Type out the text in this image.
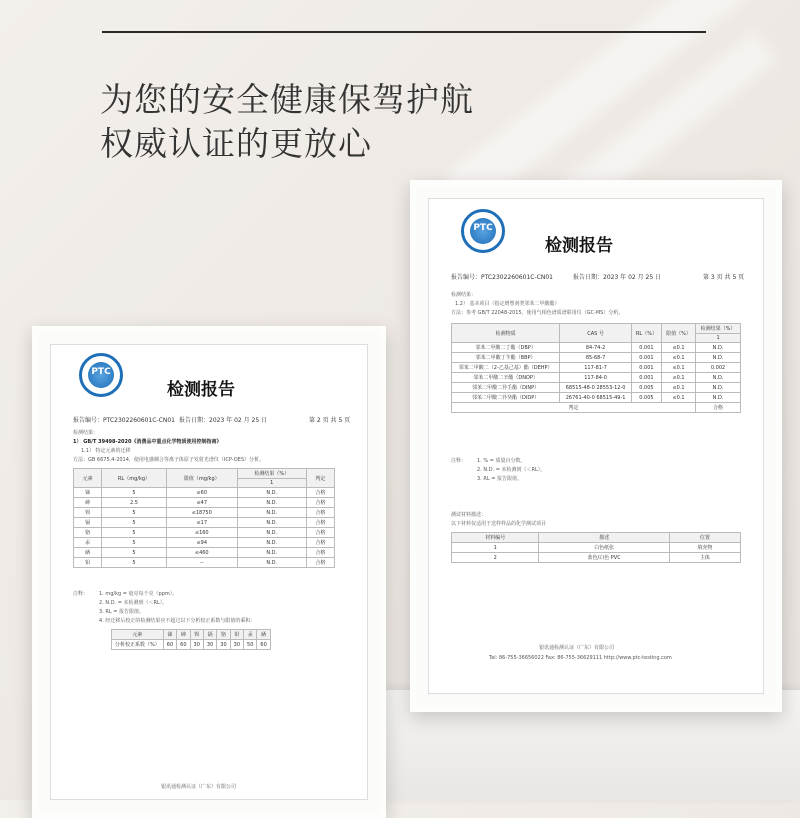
为您的安全健康保驾护航
权威认证的更放心
PTC
检测报告
报告编号：PTC2302260601C-CN01 报告日期：2023 年 02 月 25 日	第 2 页 共 5 页
检测结果：
1） GB/T 39498-2020《消费品中重点化学物质使用控制指南》
1.1） 特定元素的迁移
方法：GB 6675.4-2014，使用电感耦合等离子体原子发射光谱仪（ICP-OES）分析。
元素	RL（mg/kg）	限值（mg/kg）	检测结果（%）	判定
			1	
锑	5	≤60	N.D.	合格
砷	2.5	≤47	N.D.	合格
钡	5	≤18750	N.D.	合格
镉	5	≤17	N.D.	合格
铬	5	≤160	N.D.	合格
汞	5	≤94	N.D.	合格
硒	5	≤460	N.D.	合格
铅	5	--	N.D.	合格
注释： 1. mg/kg = 毫克每千克（ppm）。
2. N.D. = 未检测到（＜RL）。
3. RL = 报告限值。
4. 经迁移后校正的检测结果应不超过以下分析校正系数与限值的乘积：
元素	锑	砷	钡	镉	铬	铅	汞	硒
分析校正系数（%）	60	60	30	30	30	30	50	60
银讯通检测认证（广东）有限公司
PTC
检测报告
报告编号：PTC2302260601C-CN01	报告日期：2023 年 02 月 25 日	第 3 页 共 5 页
检测结果：
1.2） 基本项目（指定增塑剂类邻苯二甲酸酯）
方法：参考 GB/T 22048-2015，使用气相色谱质谱联用仪（GC-MS）分析。
检测物质	CAS 号	RL（%）	限值（%）	检测结果（%）
				1
邻苯二甲酸二丁酯（DBP）	84-74-2	0.001	≤0.1	N.D.
邻苯二甲酸丁苄酯（BBP）	85-68-7	0.001	≤0.1	N.D.
邻苯二甲酸二（2-乙基己基）酯（DEHP）	117-81-7	0.001	≤0.1	0.002
邻苯二甲酸二辛酯（DNOP）	117-84-0	0.001	≤0.1	N.D.
邻苯二甲酸二异壬酯（DINP）	68515-48-0 28553-12-0	0.005	≤0.1	N.D.
邻苯二甲酸二异癸酯（DIDP）	26761-40-0 68515-49-1	0.005	≤0.1	N.D.
判定				合格
注释： 1. % = 质量百分数。
2. N.D. = 未检测到（＜RL）。
3. RL = 报告限值。
测试材料描述：
以下材料仅适用于送样样品的化学测试项目
材料编号	描述	位置
1	白色纸张	填充物
2	蓝色/白色 PVC	主体
银讯通检测认证（广东）有限公司
Tel: 86-755-36656022 Fax: 86-755-36629111 http://www.ptc-testing.com
